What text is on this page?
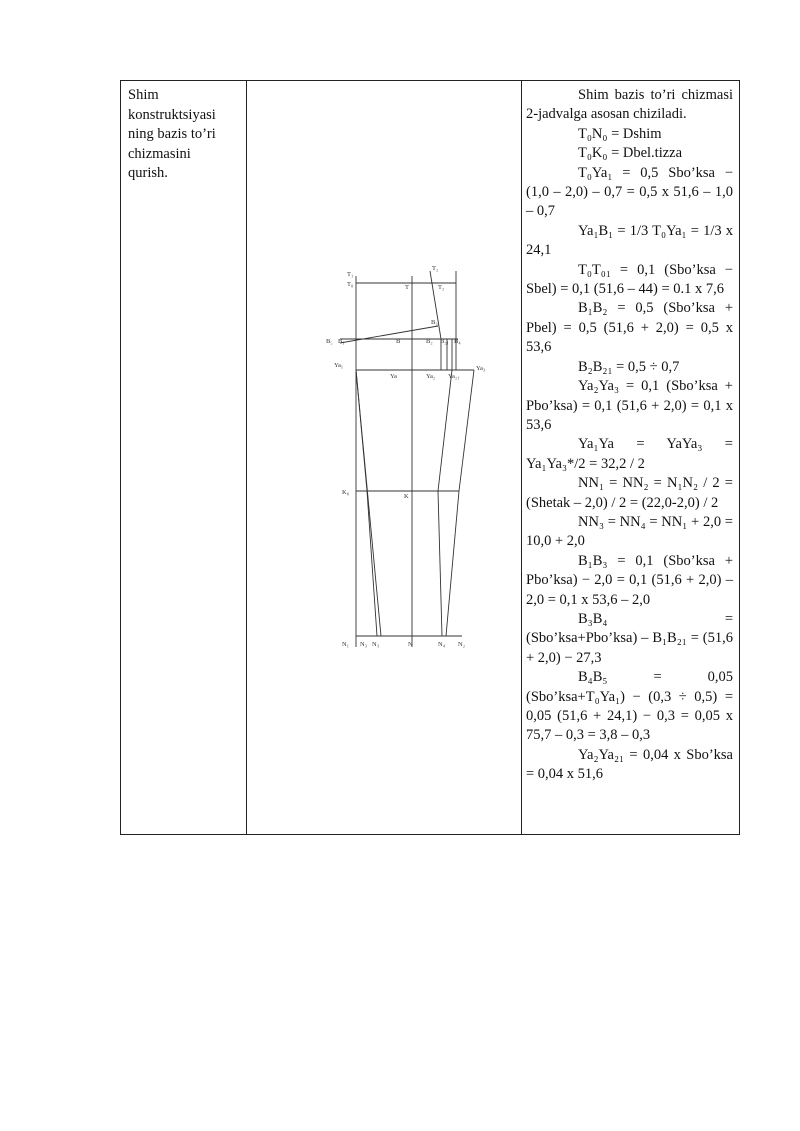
Shim
konstruktsiyasi
ning bazis to’ri
chizmasini
qurish.
T₁
T₀
T₂
T	T₂
B₃
B₅ B₁	B	B₂ B₂₁ B₄
Ya₁
Ya	Ya₂ Ya₂₁
Ya₃
K₀
K
N₁ N₃ N₃	N	N₄ N₂

Shim bazis to’ri chizmasi 2-jadvalga asosan chiziladi.

T₀N₀ = Dshim

T₀K₀ = Dbel.tizza

T₀Ya₁ = 0,5 Sbo’ksa − (1,0 – 2,0) – 0,7 = 0,5 x 51,6 – 1,0 – 0,7

Ya₁B₁ = 1/3 T₀Ya₁ = 1/3 x 24,1

T₀T₀₁ = 0,1 (Sbo’ksa − Sbel) = 0,1 (51,6 – 44) = 0.1 x 7,6

B₁B₂ = 0,5 (Sbo’ksa + Pbel) = 0,5 (51,6 + 2,0) = 0,5 x 53,6

B₂B₂₁ = 0,5 ÷ 0,7

Ya₂Ya₃ = 0,1 (Sbo’ksa + Pbo’ksa) = 0,1 (51,6 + 2,0) = 0,1 x 53,6

Ya₁Ya = YaYa₃ = Ya₁Ya₃*/2 = 32,2 / 2

NN₁ = NN₂ = N₁N₂ / 2 = (Shetak – 2,0) / 2 = (22,0-2,0) / 2

NN₃ = NN₄ = NN₁ + 2,0 = 10,0 + 2,0

B₁B₃ = 0,1 (Sbo’ksa + Pbo’ksa) − 2,0 = 0,1 (51,6 + 2,0) –2,0 = 0,1 x 53,6 – 2,0

B₃B₄ = (Sbo’ksa+Pbo’ksa) – B₁B₂₁ = (51,6 + 2,0) − 27,3

B₄B₅ = 0,05 (Sbo’ksa+T₀Ya₁) − (0,3 ÷ 0,5) = 0,05 (51,6 + 24,1) − 0,3 = 0,05 x 75,7 – 0,3 = 3,8 – 0,3

Ya₂Ya₂₁ = 0,04 x Sbo’ksa = 0,04 x 51,6
